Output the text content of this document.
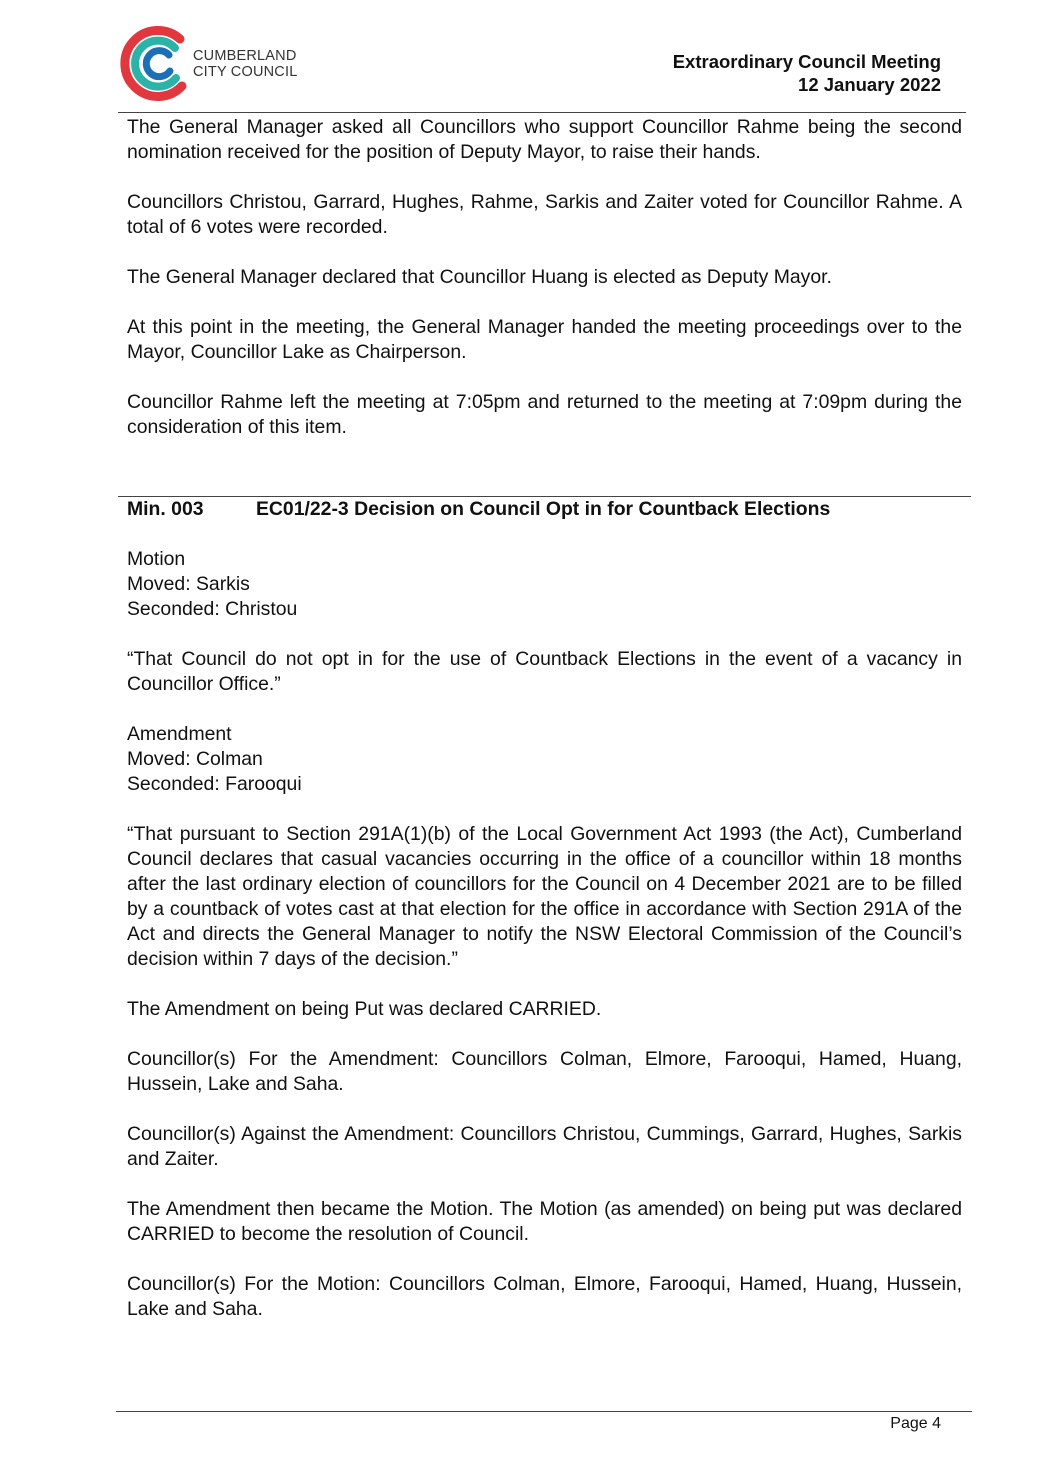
CUMBERLAND
CITY COUNCIL	Extraordinary Council Meeting
12 January 2022

The General Manager asked all Councillors who support Councillor Rahme being the second nomination received for the position of Deputy Mayor, to raise their hands.

Councillors Christou, Garrard, Hughes, Rahme, Sarkis and Zaiter voted for Councillor Rahme. A total of 6 votes were recorded.

The General Manager declared that Councillor Huang is elected as Deputy Mayor.

At this point in the meeting, the General Manager handed the meeting proceedings over to the Mayor, Councillor Lake as Chairperson.

Councillor Rahme left the meeting at 7:05pm and returned to the meeting at 7:09pm during the consideration of this item.

Min. 003	EC01/22-3 Decision on Council Opt in for Countback Elections

Motion

Moved: Sarkis

Seconded: Christou

“That Council do not opt in for the use of Countback Elections in the event of a vacancy in Councillor Office.”

Amendment

Moved: Colman

Seconded: Farooqui

“That pursuant to Section 291A(1)(b) of the Local Government Act 1993 (the Act), Cumberland Council declares that casual vacancies occurring in the office of a councillor within 18 months after the last ordinary election of councillors for the Council on 4 December 2021 are to be filled by a countback of votes cast at that election for the office in accordance with Section 291A of the Act and directs the General Manager to notify the NSW Electoral Commission of the Council’s decision within 7 days of the decision.”

The Amendment on being Put was declared CARRIED.

Councillor(s) For the Amendment: Councillors Colman, Elmore, Farooqui, Hamed, Huang, Hussein, Lake and Saha.

Councillor(s) Against the Amendment: Councillors Christou, Cummings, Garrard, Hughes, Sarkis and Zaiter.

The Amendment then became the Motion. The Motion (as amended) on being put was declared CARRIED to become the resolution of Council.

Councillor(s) For the Motion: Councillors Colman, Elmore, Farooqui, Hamed, Huang, Hussein, Lake and Saha.

Page 4
